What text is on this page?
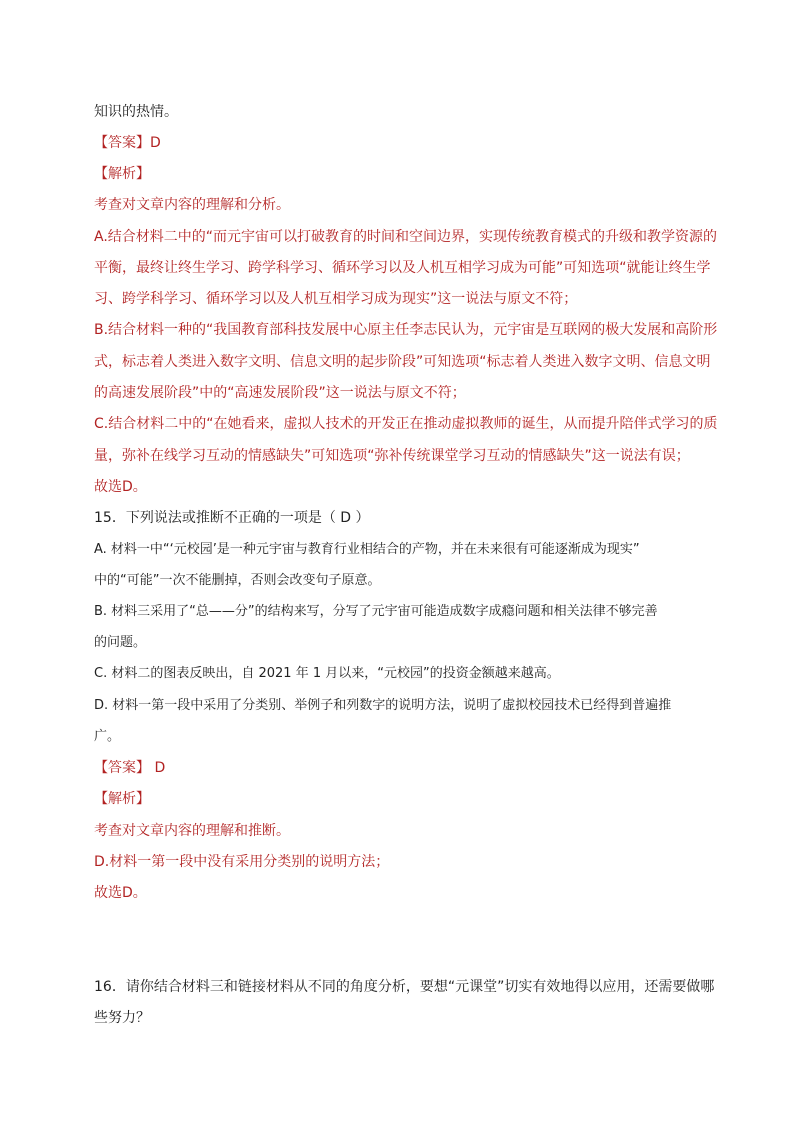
知识的热情。
【答案】D
【解析】
考查对文章内容的理解和分析。
A.结合材料二中的“而元宇宙可以打破教育的时间和空间边界，实现传统教育模式的升级和教学资源的
平衡，最终让终生学习、跨学科学习、循环学习以及人机互相学习成为可能”可知选项“就能让终生学
习、跨学科学习、循环学习以及人机互相学习成为现实”这一说法与原文不符；
B.结合材料一种的“我国教育部科技发展中心原主任李志民认为，元宇宙是互联网的极大发展和高阶形
式，标志着人类进入数字文明、信息文明的起步阶段”可知选项“标志着人类进入数字文明、信息文明
的高速发展阶段”中的“高速发展阶段”这一说法与原文不符；
C.结合材料二中的“在她看来，虚拟人技术的开发正在推动虚拟教师的诞生，从而提升陪伴式学习的质
量，弥补在线学习互动的情感缺失”可知选项“弥补传统课堂学习互动的情感缺失”这一说法有误；
故选D。
15．下列说法或推断不正确的一项是（ D ）
A. 材料一中“‘元校园’是一种元宇宙与教育行业相结合的产物，并在未来很有可能逐渐成为现实”
中的“可能”一次不能删掉，否则会改变句子原意。
B. 材料三采用了“总——分”的结构来写，分写了元宇宙可能造成数字成瘾问题和相关法律不够完善
的问题。
C. 材料二的图表反映出，自 2021 年 1 月以来，“元校园”的投资金额越来越高。
D. 材料一第一段中采用了分类别、举例子和列数字的说明方法，说明了虚拟校园技术已经得到普遍推
广。
【答案】 D
【解析】
考查对文章内容的理解和推断。
D.材料一第一段中没有采用分类别的说明方法；
故选D。
16．请你结合材料三和链接材料从不同的角度分析，要想“元课堂”切实有效地得以应用，还需要做哪
些努力？
